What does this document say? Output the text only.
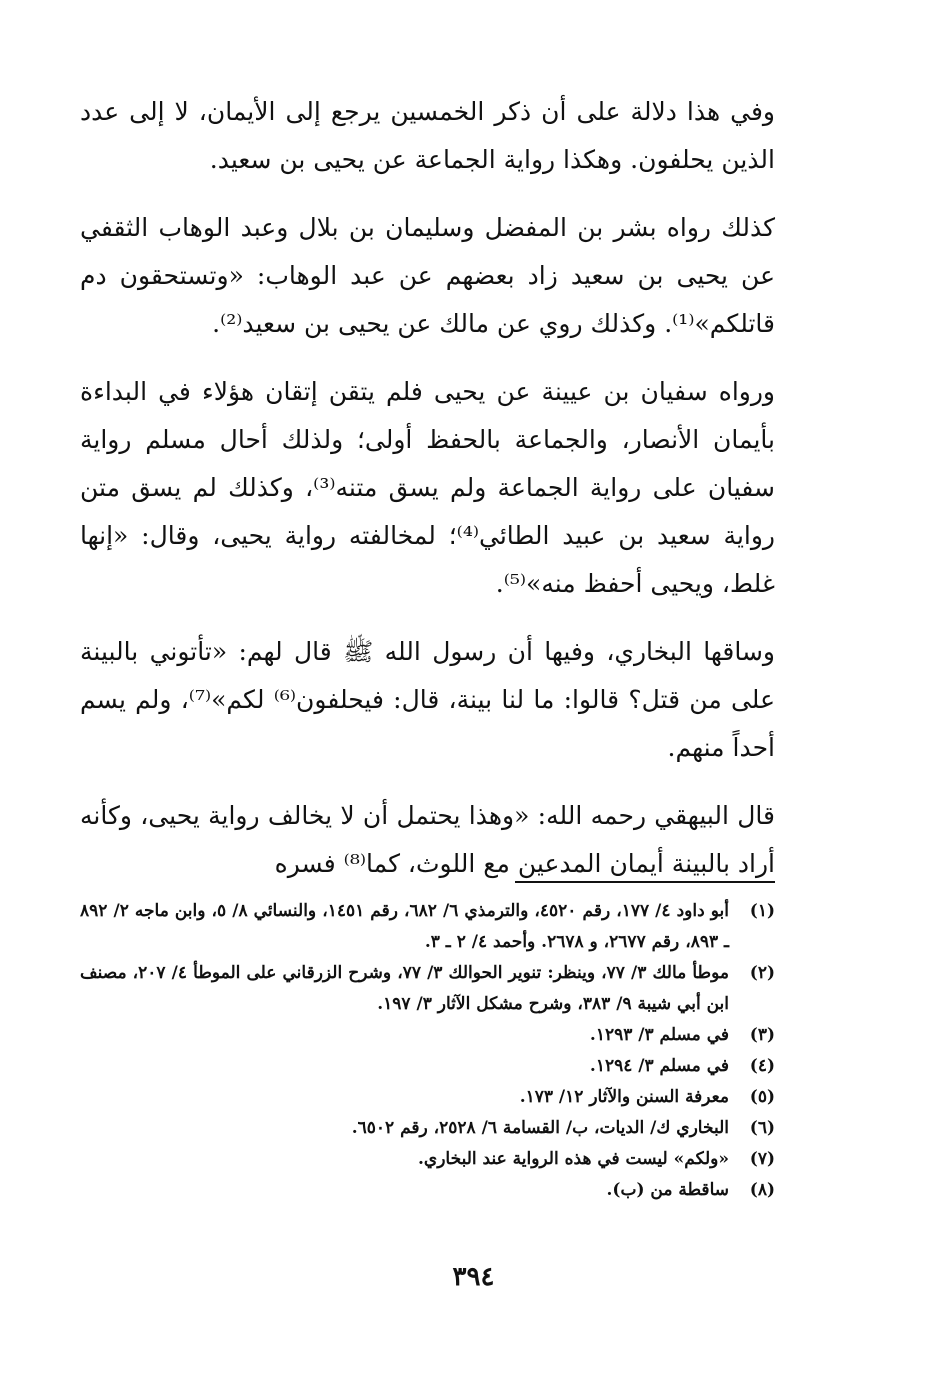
وفي هذا دلالة على أن ذكر الخمسين يرجع إلى الأيمان، لا إلى عدد الذين يحلفون. وهكذا رواية الجماعة عن يحيى بن سعيد.

كذلك رواه بشر بن المفضل وسليمان بن بلال وعبد الوهاب الثقفي عن يحيى بن سعيد زاد بعضهم عن عبد الوهاب: «وتستحقون دم قاتلكم»⁽¹⁾. وكذلك روي عن مالك عن يحيى بن سعيد⁽²⁾.

ورواه سفيان بن عيينة عن يحيى فلم يتقن إتقان هؤلاء في البداءة بأيمان الأنصار، والجماعة بالحفظ أولى؛ ولذلك أحال مسلم رواية سفيان على رواية الجماعة ولم يسق متنه⁽³⁾، وكذلك لم يسق متن رواية سعيد بن عبيد الطائي⁽⁴⁾؛ لمخالفته رواية يحيى، وقال: «إنها غلط، ويحيى أحفظ منه»⁽⁵⁾.

وساقها البخاري، وفيها أن رسول الله ﷺ قال لهم: «تأتوني بالبينة على من قتل؟ قالوا: ما لنا بينة، قال: فيحلفون⁽⁶⁾ لكم»⁽⁷⁾، ولم يسم أحداً منهم.

قال البيهقي رحمه الله: «وهذا يحتمل أن لا يخالف رواية يحيى، وكأنه أراد بالبينة أيمان المدعين مع اللوث، كما⁽⁸⁾ فسره

(١)
أبو داود ٤/ ١٧٧، رقم ٤٥٢٠، والترمذي ٦/ ٦٨٢، رقم ١٤٥١، والنسائي ٨/ ٥، وابن ماجه ٢/ ٨٩٢ ـ ٨٩٣، رقم ٢٦٧٧، و ٢٦٧٨. وأحمد ٤/ ٢ ـ ٣.
(٢)
موطأ مالك ٣/ ٧٧، وينظر: تنوير الحوالك ٣/ ٧٧، وشرح الزرقاني على الموطأ ٤/ ٢٠٧، مصنف ابن أبي شيبة ٩/ ٣٨٣، وشرح مشكل الآثار ٣/ ١٩٧.
(٣)
في مسلم ٣/ ١٢٩٣.
(٤)
في مسلم ٣/ ١٢٩٤.
(٥)
معرفة السنن والآثار ١٢/ ١٧٣.
(٦)
البخاري ك/ الديات، ب/ القسامة ٦/ ٢٥٢٨، رقم ٦٥٠٢.
(٧)
«ولكم» ليست في هذه الرواية عند البخاري.
(٨)
ساقطة من (ب).
٣٩٤
